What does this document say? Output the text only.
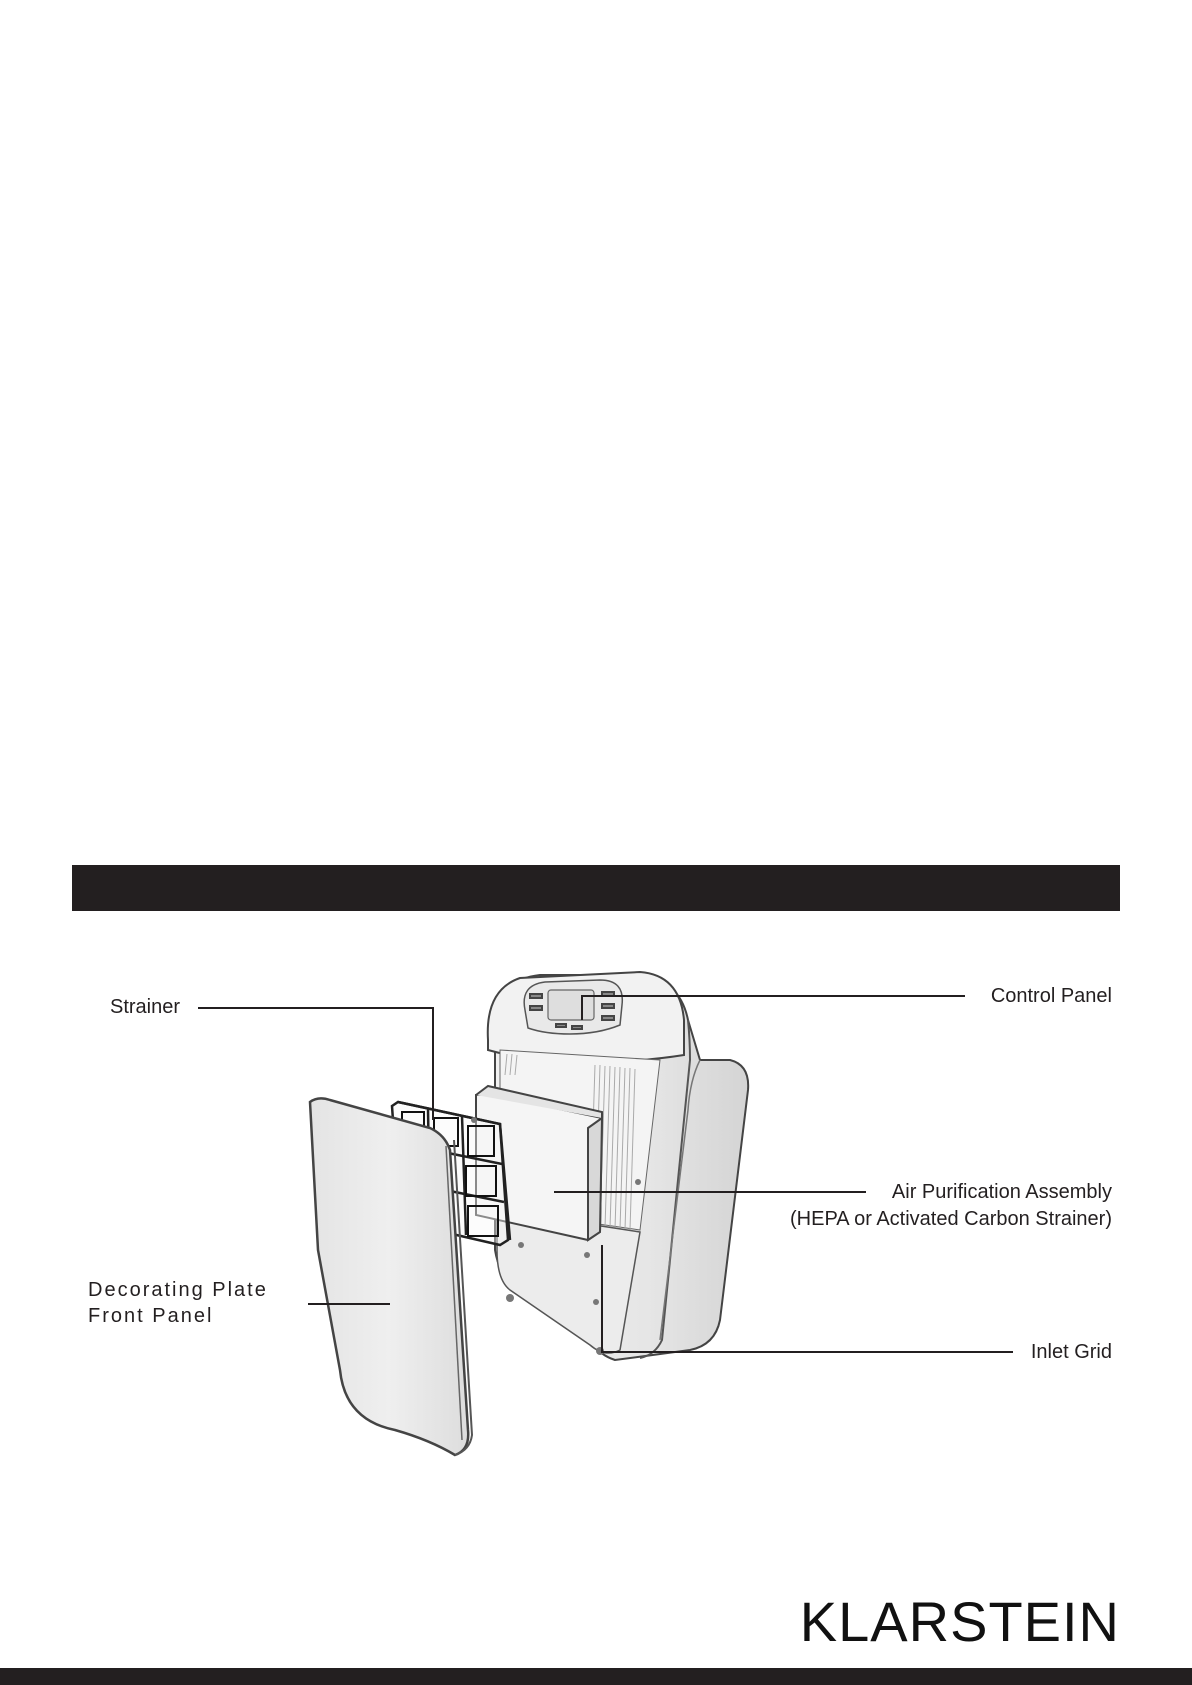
Control Panel
Air Purification Assembly
(HEPA or Activated Carbon Strainer)
Inlet Grid
Strainer
Decorating Plate
Front Panel
KLARSTEIN
